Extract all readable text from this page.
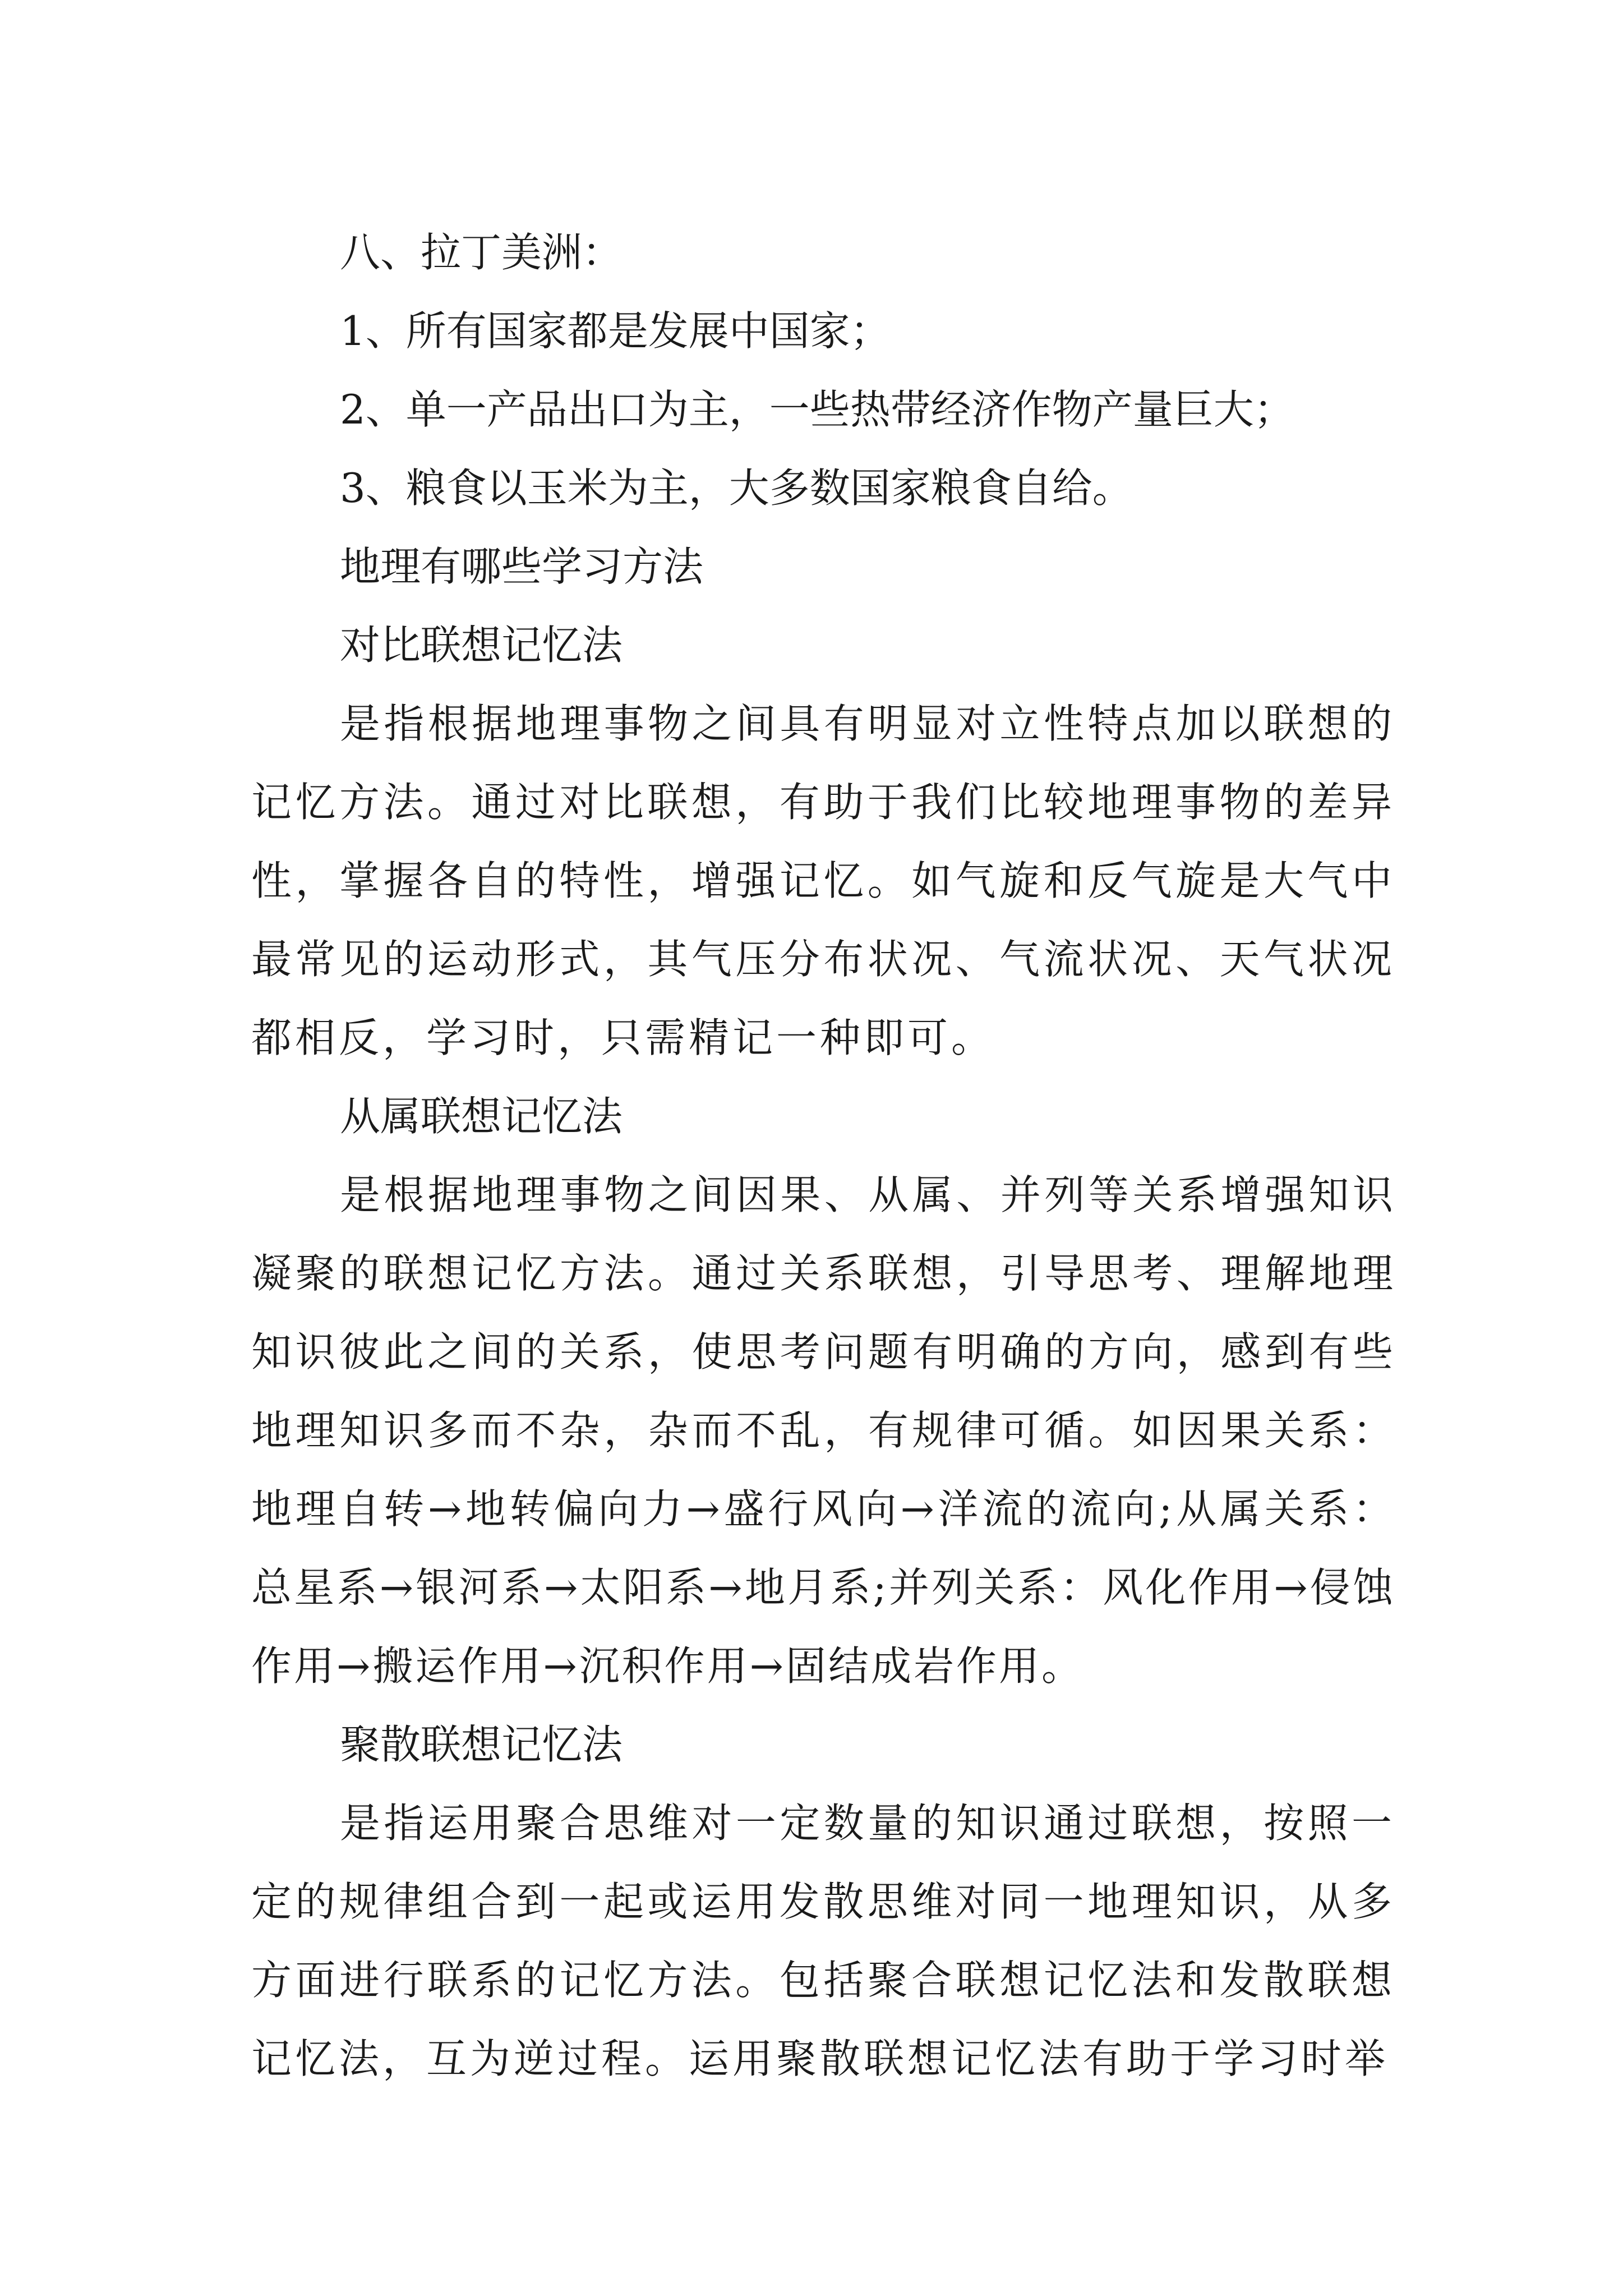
八、拉丁美洲：

1、所有国家都是发展中国家；

2、单一产品出口为主，一些热带经济作物产量巨大；

3、粮食以玉米为主，大多数国家粮食自给。

地理有哪些学习方法

对比联想记忆法

是指根据地理事物之间具有明显对立性特点加以联想的记忆方法。通过对比联想，有助于我们比较地理事物的差异性，掌握各自的特性，增强记忆。如气旋和反气旋是大气中最常见的运动形式，其气压分布状况、气流状况、天气状况都相反，学习时，只需精记一种即可。

从属联想记忆法

是根据地理事物之间因果、从属、并列等关系增强知识凝聚的联想记忆方法。通过关系联想，引导思考、理解地理知识彼此之间的关系，使思考问题有明确的方向，感到有些地理知识多而不杂，杂而不乱，有规律可循。如因果关系：地理自转→地转偏向力→盛行风向→洋流的流向;从属关系：总星系→银河系→太阳系→地月系;并列关系：风化作用→侵蚀作用→搬运作用→沉积作用→固结成岩作用。

聚散联想记忆法

是指运用聚合思维对一定数量的知识通过联想，按照一定的规律组合到一起或运用发散思维对同一地理知识，从多方面进行联系的记忆方法。包括聚合联想记忆法和发散联想记忆法，互为逆过程。运用聚散联想记忆法有助于学习时举
